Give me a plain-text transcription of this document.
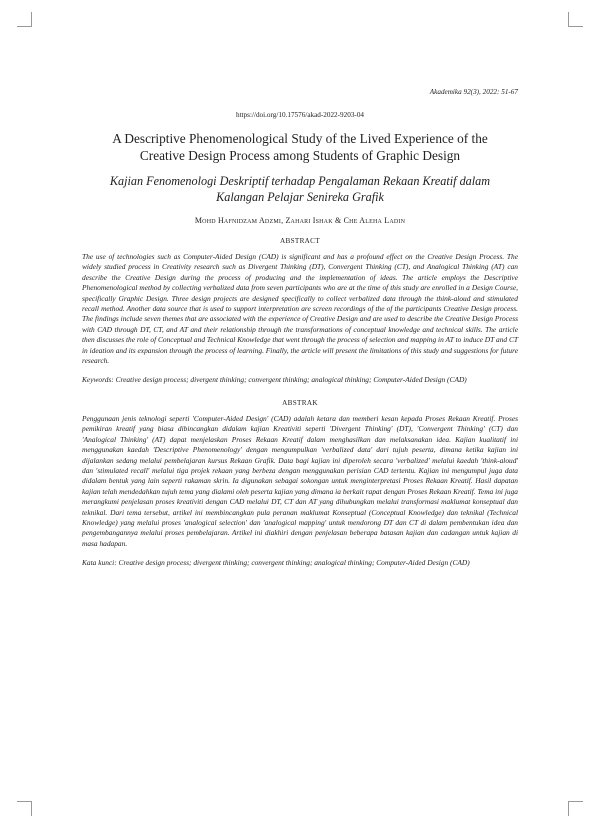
Akademika 92(3), 2022: 51-67
https://doi.org/10.17576/akad-2022-9203-04
A Descriptive Phenomenological Study of the Lived Experience of the
Creative Design Process among Students of Graphic Design
Kajian Fenomenologi Deskriptif terhadap Pengalaman Rekaan Kreatif dalam
Kalangan Pelajar Senireka Grafik
Mohd Hafnidzam Adzmi, Zahari Ishak & Che Aleha Ladin
ABSTRACT
The use of technologies such as Computer-Aided Design (CAD) is significant and has a profound effect on the Creative Design Process. The widely studied process in Creativity research such as Divergent Thinking (DT), Convergent Thinking (CT), and Analogical Thinking (AT) can describe the Creative Design during the process of producing and the implementation of ideas. The article employs the Descriptive Phenomenological method by collecting verbalized data from seven participants who are at the time of this study are enrolled in a Design Course, specifically Graphic Design. Three design projects are designed specifically to collect verbalized data through the think-aloud and stimulated recall method. Another data source that is used to support interpretation are screen recordings of the of the participants Creative Design process. The findings include seven themes that are associated with the experience of Creative Design and are used to describe the Creative Design Process with CAD through DT, CT, and AT and their relationship through the transformations of conceptual knowledge and technical skills. The article then discusses the role of Conceptual and Technical Knowledge that went through the process of selection and mapping in AT to induce DT and CT in ideation and its expansion through the process of learning. Finally, the article will present the limitations of this study and suggestions for future research.
Keywords: Creative design process; divergent thinking; convergent thinking; analogical thinking; Computer-Aided Design (CAD)
ABSTRAK
Penggunaan jenis teknologi seperti 'Computer-Aided Design' (CAD) adalah ketara dan memberi kesan kepada Proses Rekaan Kreatif. Proses pemikiran kreatif yang biasa dibincangkan didalam kajian Kreativiti seperti 'Divergent Thinking' (DT), 'Convergent Thinking' (CT) dan 'Analogical Thinking' (AT) dapat menjelaskan Proses Rekaan Kreatif dalam menghasilkan dan melaksanakan idea. Kajian kualitatif ini menggunakan kaedah 'Descriptive Phenomenology' dengan mengumpulkan 'verbalized data' dari tujuh peserta, dimana ketika kajian ini dijalankan sedang melalui pembelajaran kursus Rekaan Grafik. Data bagi kajian ini diperoleh secara 'verbalized' melalui kaedah 'think-aloud' dan 'stimulated recall' melalui tiga projek rekaan yang berbeza dengan menggunakan perisian CAD tertentu. Kajian ini mengumpul juga data didalam bentuk yang lain seperti rakaman skrin. Ia digunakan sebagai sokongan untuk menginterpretasi Proses Rekaan Kreatif. Hasil dapatan kajian telah mendedahkan tujuh tema yang dialami oleh peserta kajian yang dimana ia berkait rapat dengan Proses Rekaan Kreatif. Tema ini juga merangkumi penjelasan proses kreativiti dengan CAD melalui DT, CT dan AT yang dihubungkan melalui transformasi maklumat konseptual dan teknikal. Dari tema tersebut, artikel ini membincangkan pula peranan maklumat Konseptual (Conceptual Knowledge) dan teknikal (Technical Knowledge) yang melalui proses 'analogical selection' dan 'analogical mapping' untuk mendorong DT dan CT di dalam pembentukan idea dan pengembangannya melalui proses pembelajaran. Artikel ini diakhiri dengan penjelasan beberapa batasan kajian dan cadangan untuk kajian di masa hadapan.
Kata kunci: Creative design process; divergent thinking; convergent thinking; analogical thinking; Computer-Aided Design (CAD)
